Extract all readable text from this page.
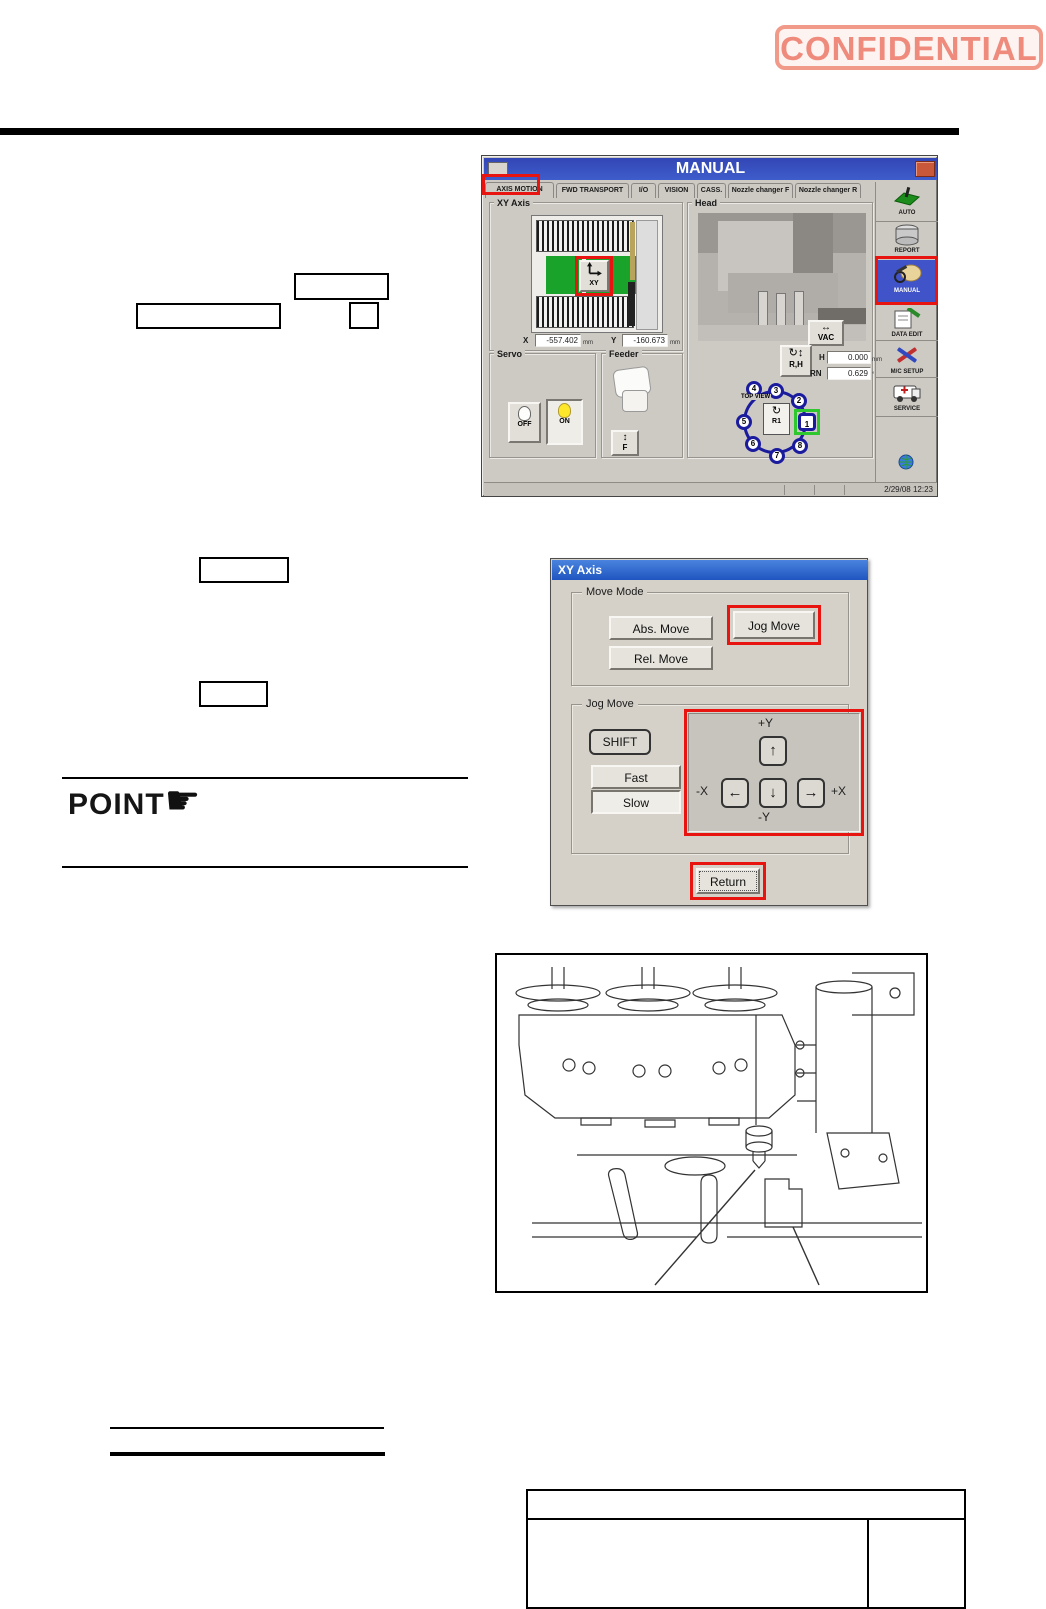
CONFIDENTIAL
POINT☛
MANUAL
AXIS MOTION	FWD TRANSPORT	I/O	VISION	CASS.	Nozzle changer F	Nozzle changer R
XY Axis
XY
X	-557.402 mm Y	-160.673 mm
Servo
OFF	ON
Feeder
↕
F
Head
↔
VAC
↻↕
R,H
H	0.000 mm
RN	0.629 °
TOP VIEW
↻
R1
3
2
8
7
6
5
4
1
AUTO
REPORT
MANUAL
DATA EDIT
M/C SETUP
SERVICE
2/29/08 12:23
XY Axis
Move Mode
Abs. Move	Jog Move
Rel. Move
Jog Move
SHIFT
Fast
Slow
+Y
↑
-X	←	↓	→	+X
-Y
Return
